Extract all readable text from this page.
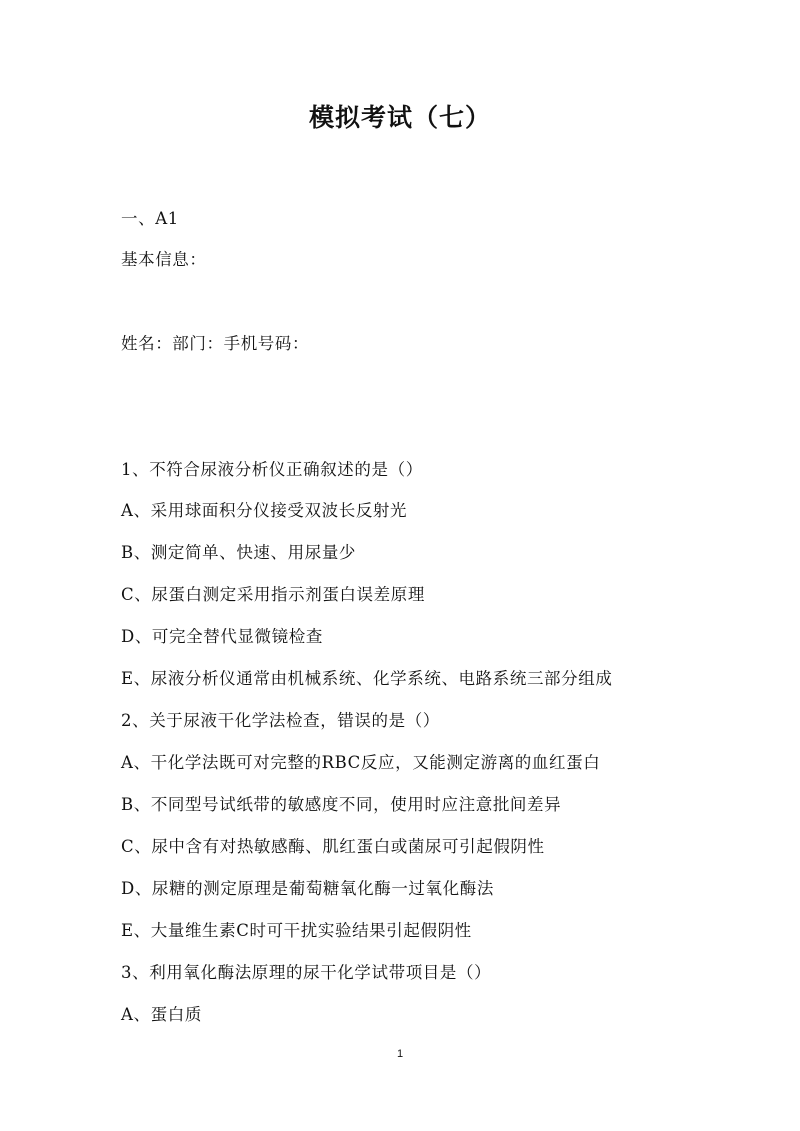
模拟考试（七）
一、A1
基本信息：
姓名：部门：手机号码：
1、不符合尿液分析仪正确叙述的是（）
A、采用球面积分仪接受双波长反射光
B、测定简单、快速、用尿量少
C、尿蛋白测定采用指示剂蛋白误差原理
D、可完全替代显微镜检查
E、尿液分析仪通常由机械系统、化学系统、电路系统三部分组成
2、关于尿液干化学法检查，错误的是（）
A、干化学法既可对完整的RBC反应，又能测定游离的血红蛋白
B、不同型号试纸带的敏感度不同，使用时应注意批间差异
C、尿中含有对热敏感酶、肌红蛋白或菌尿可引起假阴性
D、尿糖的测定原理是葡萄糖氧化酶一过氧化酶法
E、大量维生素C时可干扰实验结果引起假阴性
3、利用氧化酶法原理的尿干化学试带项目是（）
A、蛋白质
1
